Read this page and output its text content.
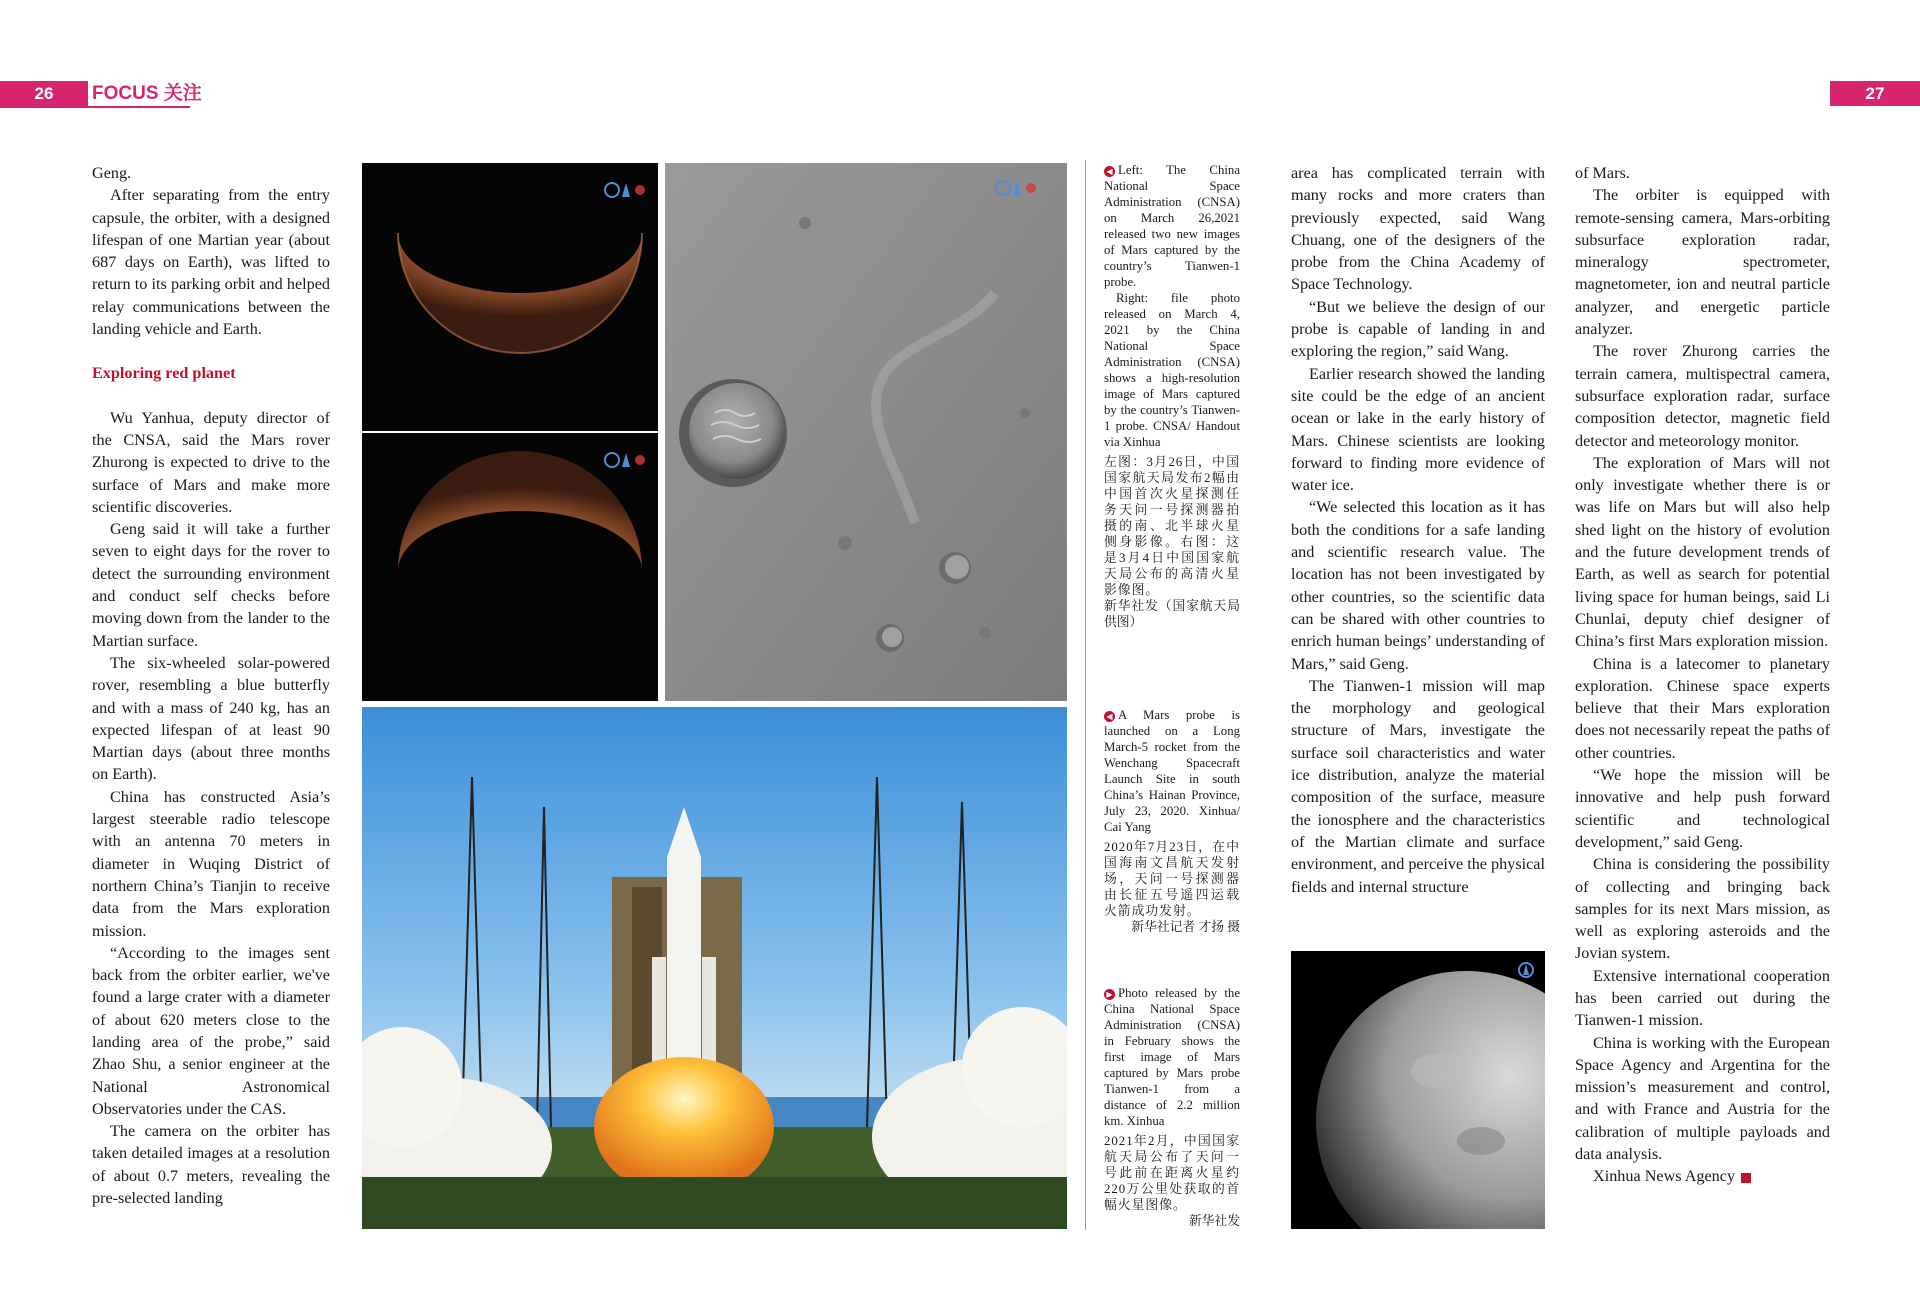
26	FOCUS 关注	27

Geng.

After separating from the entry capsule, the orbiter, with a designed lifespan of one Martian year (about 687 days on Earth), was lifted to return to its parking orbit and helped relay communications between the landing vehicle and Earth.

Exploring red planet

Wu Yanhua, deputy director of the CNSA, said the Mars rover Zhurong is expected to drive to the surface of Mars and make more scientific discoveries.

Geng said it will take a further seven to eight days for the rover to detect the surrounding environment and conduct self checks before moving down from the lander to the Martian surface.

The six-wheeled solar-powered rover, resembling a blue butterfly and with a mass of 240 kg, has an expected lifespan of at least 90 Martian days (about three months on Earth).

China has constructed Asia’s largest steerable radio telescope with an antenna 70 meters in diameter in Wuqing District of northern China’s Tianjin to receive data from the Mars exploration mission.

“According to the images sent back from the orbiter earlier, we've found a large crater with a diameter of about 620 meters close to the landing area of the probe,” said Zhao Shu, a senior engineer at the National Astronomical Observatories under the CAS.

The camera on the orbiter has taken detailed images at a resolution of about 0.7 meters, revealing the pre-selected landing

◀ Left: The China National Space Administration (CNSA) on March 26,2021 released two new images of Mars captured by the country’s Tianwen-1 probe.

Right: file photo released on March 4, 2021 by the China National Space Administration (CNSA) shows a high-resolution image of Mars captured by the country’s Tianwen-1 probe. CNSA/ Handout via Xinhua

左图：3月26日，中国国家航天局发布2幅由中国首次火星探测任务天问一号探测器拍摄的南、北半球火星侧身影像。右图：这是3月4日中国国家航天局公布的高清火星影像图。

新华社发（国家航天局供图）

◀ A Mars probe is launched on a Long March-5 rocket from the Wenchang Spacecraft Launch Site in south China’s Hainan Province, July 23, 2020. Xinhua/ Cai Yang

2020年7月23日，在中国海南文昌航天发射场，天问一号探测器由长征五号遥四运载火箭成功发射。

新华社记者 才扬 摄

▶ Photo released by the China National Space Administration (CNSA) in February shows the first image of Mars captured by Mars probe Tianwen-1 from a distance of 2.2 million km. Xinhua

2021年2月，中国国家航天局公布了天问一号此前在距离火星约220万公里处获取的首幅火星图像。

新华社发

area has complicated terrain with many rocks and more craters than previously expected, said Wang Chuang, one of the designers of the probe from the China Academy of Space Technology.

“But we believe the design of our probe is capable of landing in and exploring the region,” said Wang.

Earlier research showed the landing site could be the edge of an ancient ocean or lake in the early history of Mars. Chinese scientists are looking forward to finding more evidence of water ice.

“We selected this location as it has both the conditions for a safe landing and scientific research value. The location has not been investigated by other countries, so the scientific data can be shared with other countries to enrich human beings’ understanding of Mars,” said Geng.

The Tianwen-1 mission will map the morphology and geological structure of Mars, investigate the surface soil characteristics and water ice distribution, analyze the material composition of the surface, measure the ionosphere and the characteristics of the Martian climate and surface environment, and perceive the physical fields and internal structure

of Mars.

The orbiter is equipped with remote-sensing camera, Mars-orbiting subsurface exploration radar, mineralogy spectrometer, magnetometer, ion and neutral particle analyzer, and energetic particle analyzer.

The rover Zhurong carries the terrain camera, multispectral camera, subsurface exploration radar, surface composition detector, magnetic field detector and meteorology monitor.

The exploration of Mars will not only investigate whether there is or was life on Mars but will also help shed light on the history of evolution and the future development trends of Earth, as well as search for potential living space for human beings, said Li Chunlai, deputy chief designer of China’s first Mars exploration mission.

China is a latecomer to planetary exploration. Chinese space experts believe that their Mars exploration does not necessarily repeat the paths of other countries.

“We hope the mission will be innovative and help push forward scientific and technological development,” said Geng.

China is considering the possibility of collecting and bringing back samples for its next Mars mission, as well as exploring asteroids and the Jovian system.

Extensive international cooperation has been carried out during the Tianwen-1 mission.

China is working with the European Space Agency and Argentina for the mission’s measurement and control, and with France and Austria for the calibration of multiple payloads and data analysis.

Xinhua News Agency
